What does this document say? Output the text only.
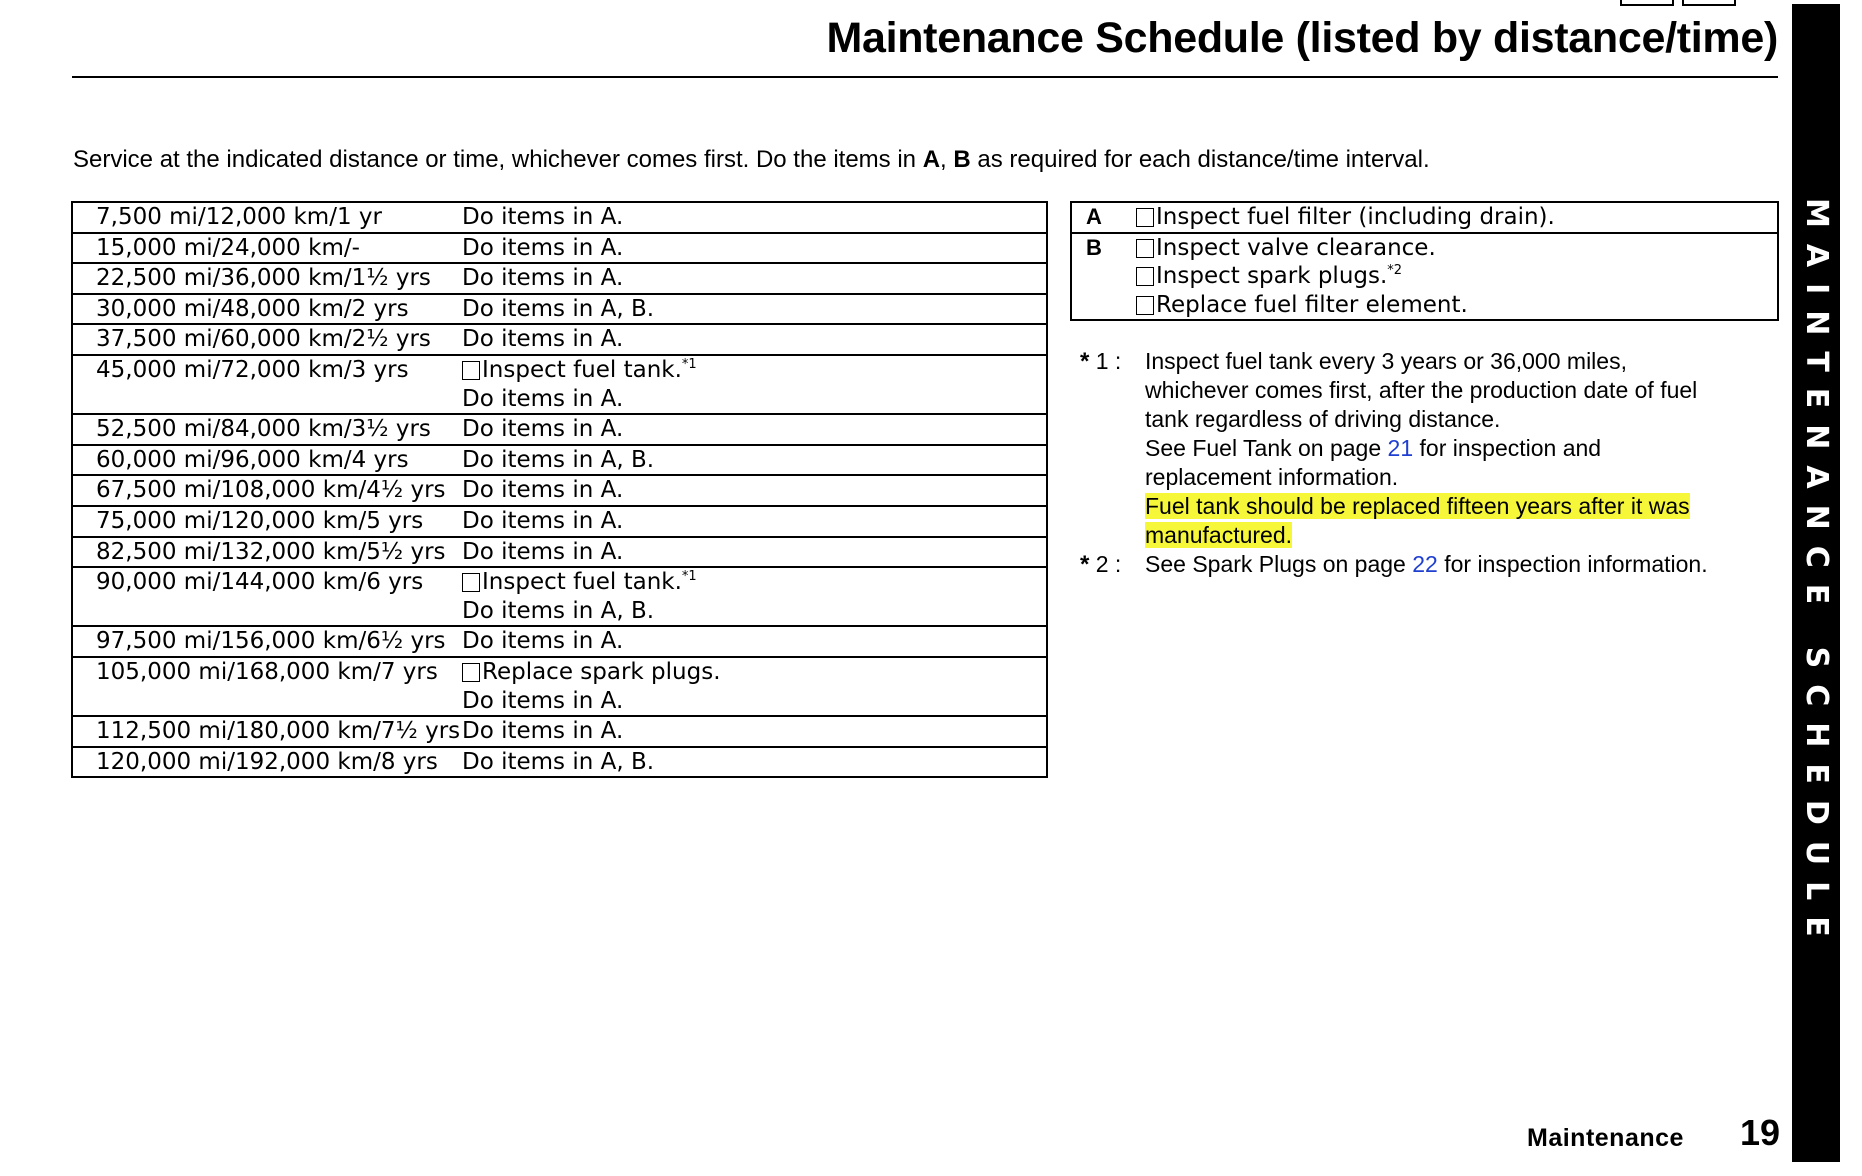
Maintenance Schedule (listed by distance/time)
Service at the indicated distance or time, whichever comes first. Do the items in A, B as required for each distance/time interval.
7,500 mi/12,000 km/1 yr	Do items in A.

15,000 mi/24,000 km/-	Do items in A.

22,500 mi/36,000 km/1½ yrs	Do items in A.

30,000 mi/48,000 km/2 yrs	Do items in A, B.

37,500 mi/60,000 km/2½ yrs	Do items in A.

45,000 mi/72,000 km/3 yrs	Inspect fuel tank.$^{*1}$
Do items in A.

52,500 mi/84,000 km/3½ yrs	Do items in A.

60,000 mi/96,000 km/4 yrs	Do items in A, B.

67,500 mi/108,000 km/4½ yrs	Do items in A.

75,000 mi/120,000 km/5 yrs	Do items in A.

82,500 mi/132,000 km/5½ yrs	Do items in A.

90,000 mi/144,000 km/6 yrs	Inspect fuel tank.$^{*1}$
Do items in A, B.

97,500 mi/156,000 km/6½ yrs	Do items in A.

105,000 mi/168,000 km/7 yrs	Replace spark plugs.
Do items in A.

112,500 mi/180,000 km/7½ yrs	Do items in A.

120,000 mi/192,000 km/8 yrs	Do items in A, B.
A	Inspect fuel filter (including drain).
B	Inspect valve clearance.
	Inspect spark plugs.$^{*2}$
	Replace fuel filter element.
* 1 : Inspect fuel tank every 3 years or 36,000 miles,
whichever comes first, after the production date of fuel
tank regardless of driving distance.
See Fuel Tank on page 21 for inspection and
replacement information.
Fuel tank should be replaced fifteen years after it was
manufactured.
* 2 : See Spark Plugs on page 22 for inspection information.	MAINTENANCE SCHEDULE
Maintenance 19
